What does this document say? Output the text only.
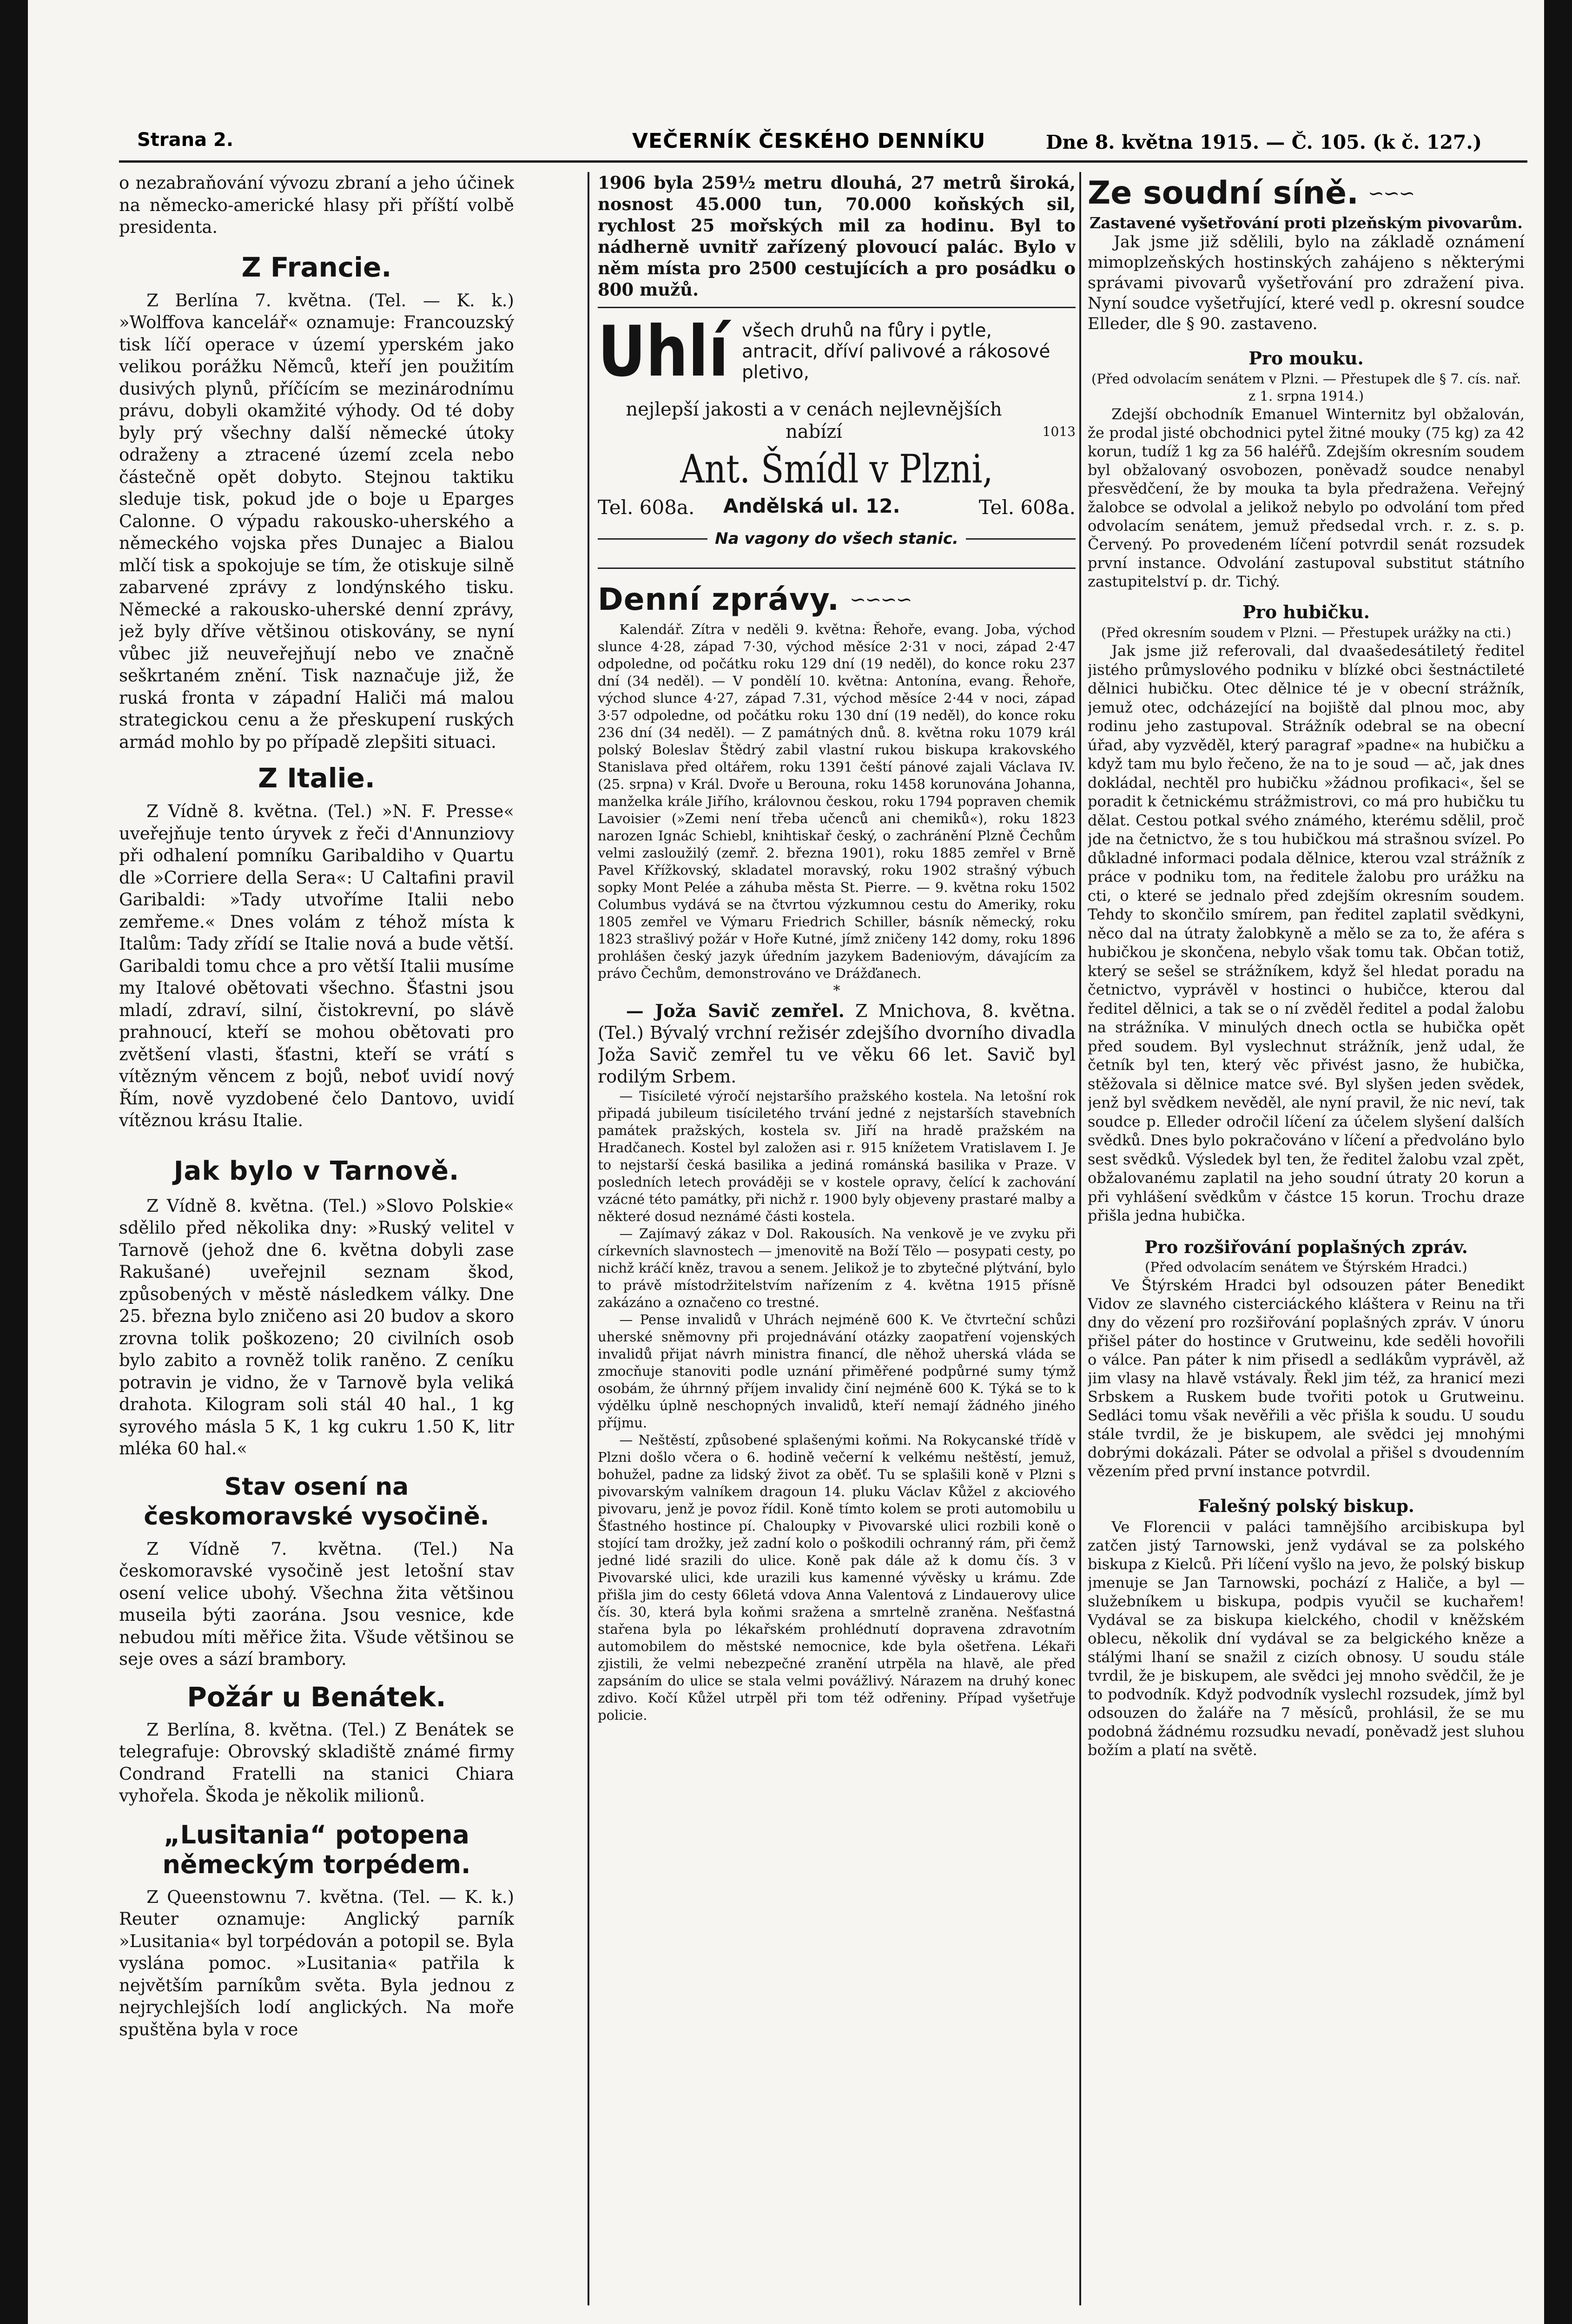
Strana 2.	VEČERNÍK ČESKÉHO DENNÍKU	Dne 8. května 1915. — Č. 105. (k č. 127.)

o nezabraňování vývozu zbraní a jeho účinek na německo-americké hlasy při příští volbě presidenta.

Z Francie.

Z Berlína 7. května. (Tel. — K. k.) »Wolffova kancelář« oznamuje: Francouzský tisk líčí operace v území yperském jako velikou porážku Němců, kteří jen použitím dusivých plynů, příčícím se mezinárodnímu právu, dobyli okamžité výhody. Od té doby byly prý všechny další německé útoky odraženy a ztracené území zcela nebo částečně opět dobyto. Stejnou taktiku sleduje tisk, pokud jde o boje u Eparges Calonne. O výpadu rakousko-uherského a německého vojska přes Dunajec a Bialou mlčí tisk a spokojuje se tím, že otiskuje silně zabarvené zprávy z londýnského tisku. Německé a rakousko-uherské denní zprávy, jež byly dříve většinou otiskovány, se nyní vůbec již neuveřejňují nebo ve značně seškrtaném znění. Tisk naznačuje již, že ruská fronta v západní Haliči má malou strategickou cenu a že přeskupení ruských armád mohlo by po případě zlepšiti situaci.

Z Italie.

Z Vídně 8. května. (Tel.) »N. F. Presse« uveřejňuje tento úryvek z řeči d'Annunziovy při odhalení pomníku Garibaldiho v Quartu dle »Corriere della Sera«: U Caltafini pravil Garibaldi: »Tady utvoříme Italii nebo zemřeme.« Dnes volám z téhož místa k Italům: Tady zřídí se Italie nová a bude větší. Garibaldi tomu chce a pro větší Italii musíme my Italové obětovati všechno. Šťastni jsou mladí, zdraví, silní, čistokrevní, po slávě prahnoucí, kteří se mohou obětovati pro zvětšení vlasti, šťastni, kteří se vrátí s vítězným věncem z bojů, neboť uvidí nový Řím, nově vyzdobené čelo Dantovo, uvidí vítěznou krásu Italie.

Jak bylo v Tarnově.

Z Vídně 8. května. (Tel.) »Slovo Polskie« sdělilo před několika dny: »Ruský velitel v Tarnově (jehož dne 6. května dobyli zase Rakušané) uveřejnil seznam škod, způsobených v městě následkem války. Dne 25. března bylo zničeno asi 20 budov a skoro zrovna tolik poškozeno; 20 civilních osob bylo zabito a rovněž tolik raněno. Z ceníku potravin je vidno, že v Tarnově byla veliká drahota. Kilogram soli stál 40 hal., 1 kg syrového másla 5 K, 1 kg cukru 1.50 K, litr mléka 60 hal.«

Stav osení na českomoravské vysočině.

Z Vídně 7. května. (Tel.) Na českomoravské vysočině jest letošní stav osení velice ubohý. Všechna žita většinou museila býti zaorána. Jsou vesnice, kde nebudou míti měřice žita. Všude většinou se seje oves a sází brambory.

Požár u Benátek.

Z Berlína, 8. května. (Tel.) Z Benátek se telegrafuje: Obrovský skladiště známé firmy Condrand Fratelli na stanici Chiara vyhořela. Škoda je několik milionů.

„Lusitania“ potopena německým torpédem.

Z Queenstownu 7. května. (Tel. — K. k.) Reuter oznamuje: Anglický parník »Lusitania« byl torpédován a potopil se. Byla vyslána pomoc. »Lusitania« patřila k největším parníkům světa. Byla jednou z nejrychlejších lodí anglických. Na moře spuštěna byla v roce

1906 byla 259½ metru dlouhá, 27 metrů široká, nosnost 45.000 tun, 70.000 koňských sil, rychlost 25 mořských mil za hodinu. Byl to nádherně uvnitř zařízený plovoucí palác. Bylo v něm místa pro 2500 cestujících a pro posádku o 800 mužů.

Uhlí všech druhů na fůry i pytle, antracit, dříví palivové a rákosové pletivo,
nejlepší jakosti a v cenách nejlevnějších nabízí	1013
Ant. Šmídl v Plzni,
Tel. 608a. Andělská ul. 12.	Tel. 608a.
Na vagony do všech stanic.
Denní zprávy. ∽∽∽∽

Kalendář. Zítra v neděli 9. května: Řehoře, evang. Joba, východ slunce 4·28, západ 7·30, východ měsíce 2·31 v noci, západ 2·47 odpoledne, od počátku roku 129 dní (19 neděl), do konce roku 237 dní (34 neděl). — V pondělí 10. května: Antonína, evang. Řehoře, východ slunce 4·27, západ 7.31, východ měsíce 2·44 v noci, západ 3·57 odpoledne, od počátku roku 130 dní (19 neděl), do konce roku 236 dní (34 neděl). — Z památných dnů. 8. května roku 1079 král polský Boleslav Štědrý zabil vlastní rukou biskupa krakovského Stanislava před oltářem, roku 1391 čeští pánové zajali Václava IV. (25. srpna) v Král. Dvoře u Berouna, roku 1458 korunována Johanna, manželka krále Jiřího, královnou českou, roku 1794 popraven chemik Lavoisier (»Zemi není třeba učenců ani chemiků«), roku 1823 narozen Ignác Schiebl, knihtiskař český, o zachránění Plzně Čechům velmi zasloužilý (zemř. 2. března 1901), roku 1885 zemřel v Brně Pavel Křížkovský, skladatel moravský, roku 1902 strašný výbuch sopky Mont Pelée a záhuba města St. Pierre. — 9. května roku 1502 Columbus vydává se na čtvrtou výzkumnou cestu do Ameriky, roku 1805 zemřel ve Výmaru Friedrich Schiller, básník německý, roku 1823 strašlivý požár v Hoře Kutné, jímž zničeny 142 domy, roku 1896 prohlášen český jazyk úředním jazykem Badeniovým, dávajícím za právo Čechům, demonstrováno ve Drážďanech.

*

— Joža Savič zemřel. Z Mnichova, 8. května. (Tel.) Bývalý vrchní režisér zdejšího dvorního divadla Joža Savič zemřel tu ve věku 66 let. Savič byl rodilým Srbem.

— Tisícileté výročí nejstaršího pražského kostela. Na letošní rok připadá jubileum tisíciletého trvání jedné z nejstarších stavebních památek pražských, kostela sv. Jiří na hradě pražském na Hradčanech. Kostel byl založen asi r. 915 knížetem Vratislavem I. Je to nejstarší česká basilika a jediná románská basilika v Praze. V posledních letech prováději se v kostele opravy, čelící k zachování vzácné této památky, při nichž r. 1900 byly objeveny prastaré malby a některé dosud neznámé části kostela.

— Zajímavý zákaz v Dol. Rakousích. Na venkově je ve zvyku při církevních slavnostech — jmenovitě na Boží Tělo — posypati cesty, po nichž kráčí kněz, travou a senem. Jelikož je to zbytečné plýtvání, bylo to právě místodržitelstvím nařízením z 4. května 1915 přísně zakázáno a označeno co trestné.

— Pense invalidů v Uhrách nejméně 600 K. Ve čtvrteční schůzi uherské sněmovny při projednávání otázky zaopatření vojenských invalidů přijat návrh ministra financí, dle něhož uherská vláda se zmocňuje stanoviti podle uznání přiměřené podpůrné sumy týmž osobám, že úhrnný příjem invalidy činí nejméně 600 K. Týká se to k výdělku úplně neschopných invalidů, kteří nemají žádného jiného příjmu.

— Neštěstí, způsobené splašenými koňmi. Na Rokycanské třídě v Plzni došlo včera o 6. hodině večerní k velkému neštěstí, jemuž, bohužel, padne za lidský život za oběť. Tu se splašili koně v Plzni s pivovarským valníkem dragoun 14. pluku Václav Kůžel z akciového pivovaru, jenž je povoz řídil. Koně tímto kolem se proti automobilu u Šťastného hostince pí. Chaloupky v Pivovarské ulici rozbili koně o stojící tam drožky, jež zadní kolo o poškodili ochranný rám, při čemž jedné lidé srazili do ulice. Koně pak dále až k domu čís. 3 v Pivovarské ulici, kde urazili kus kamenné vývěsky u krámu. Zde přišla jim do cesty 66letá vdova Anna Valentová z Lindauerovy ulice čís. 30, která byla koňmi sražena a smrtelně zraněna. Nešťastná stařena byla po lékařském prohlédnutí dopravena zdravotním automobilem do městské nemocnice, kde byla ošetřena. Lékaři zjistili, že velmi nebezpečné zranění utrpěla na hlavě, ale před zapsáním do ulice se stala velmi povážlivý. Nárazem na druhý konec zdivo. Kočí Kůžel utrpěl při tom též odřeniny. Případ vyšetřuje policie.

Ze soudní síně. ∽∽∽
Zastavené vyšetřování proti plzeňským pivovarům.

Jak jsme již sdělili, bylo na základě oznámení mimoplzeňských hostinských zahájeno s některými správami pivovarů vyšetřování pro zdražení piva. Nyní soudce vyšetřující, které vedl p. okresní soudce Elleder, dle § 90. zastaveno.

Pro mouku.
(Před odvolacím senátem v Plzni. — Přestupek dle § 7. cís. nař. z 1. srpna 1914.)

Zdejší obchodník Emanuel Winternitz byl obžalován, že prodal jisté obchodnici pytel žitné mouky (75 kg) za 42 korun, tudíž 1 kg za 56 haléřů. Zdejším okresním soudem byl obžalovaný osvobozen, poněvadž soudce nenabyl přesvědčení, že by mouka ta byla předražena. Veřejný žalobce se odvolal a jelikož nebylo po odvolání tom před odvolacím senátem, jemuž předsedal vrch. r. z. s. p. Červený. Po provedeném líčení potvrdil senát rozsudek první instance. Odvolání zastupoval substitut státního zastupitelství p. dr. Tichý.

Pro hubičku.
(Před okresním soudem v Plzni. — Přestupek urážky na cti.)

Jak jsme již referovali, dal dvaašedesátiletý ředitel jistého průmyslového podniku v blízké obci šestnáctileté dělnici hubičku. Otec dělnice té je v obecní strážník, jemuž otec, odcházející na bojiště dal plnou moc, aby rodinu jeho zastupoval. Strážník odebral se na obecní úřad, aby vyzvěděl, který paragraf »padne« na hubičku a když tam mu bylo řečeno, že na to je soud — ač, jak dnes dokládal, nechtěl pro hubičku »žádnou profikaci«, šel se poradit k četnickému strážmistrovi, co má pro hubičku tu dělat. Cestou potkal svého známého, kterému sdělil, proč jde na četnictvo, že s tou hubičkou má strašnou svízel. Po důkladné informaci podala dělnice, kterou vzal strážník z práce v podniku tom, na ředitele žalobu pro urážku na cti, o které se jednalo před zdejším okresním soudem. Tehdy to skončilo smírem, pan ředitel zaplatil svědkyni, něco dal na útraty žalobkyně a mělo se za to, že aféra s hubičkou je skončena, nebylo však tomu tak. Občan totiž, který se sešel se strážníkem, když šel hledat poradu na četnictvo, vyprávěl v hostinci o hubičce, kterou dal ředitel dělnici, a tak se o ní zvěděl ředitel a podal žalobu na strážníka. V minulých dnech octla se hubička opět před soudem. Byl vyslechnut strážník, jenž udal, že četník byl ten, který věc přivést jasno, že hubička, stěžovala si dělnice matce své. Byl slyšen jeden svědek, jenž byl svědkem nevěděl, ale nyní pravil, že nic neví, tak soudce p. Elleder odročil líčení za účelem slyšení dalších svědků. Dnes bylo pokračováno v líčení a předvoláno bylo sest svědků. Výsledek byl ten, že ředitel žalobu vzal zpět, obžalovanému zaplatil na jeho soudní útraty 20 korun a při vyhlášení svědkům v částce 15 korun. Trochu draze přišla jedna hubička.

Pro rozšiřování poplašných zpráv.
(Před odvolacím senátem ve Štýrském Hradci.)

Ve Štýrském Hradci byl odsouzen páter Benedikt Vidov ze slavného cisterciáckého kláštera v Reinu na tři dny do vězení pro rozšiřování poplašných zpráv. V únoru přišel páter do hostince v Grutweinu, kde seděli hovořili o válce. Pan páter k nim přisedl a sedlákům vyprávěl, až jim vlasy na hlavě vstávaly. Řekl jim též, za hranicí mezi Srbskem a Ruskem bude tvořiti potok u Grutweinu. Sedláci tomu však nevěřili a věc přišla k soudu. U soudu stále tvrdil, že je biskupem, ale svědci jej mnohými dobrými dokázali. Páter se odvolal a přišel s dvoudenním vězením před první instance potvrdil.

Falešný polský biskup.

Ve Florencii v paláci tamnějšího arcibiskupa byl zatčen jistý Tarnowski, jenž vydával se za polského biskupa z Kielců. Při líčení vyšlo na jevo, že polský biskup jmenuje se Jan Tarnowski, pochází z Haliče, a byl — služebníkem u biskupa, podpis vyučil se kuchařem! Vydával se za biskupa kielckého, chodil v kněžském oblecu, několik dní vydával se za belgického kněze a stálými lhaní se snažil z cizích obnosy. U soudu stále tvrdil, že je biskupem, ale svědci jej mnoho svědčil, že je to podvodník. Když podvodník vyslechl rozsudek, jímž byl odsouzen do žaláře na 7 měsíců, prohlásil, že se mu podobná žádnému rozsudku nevadí, poněvadž jest sluhou božím a platí na světě.
